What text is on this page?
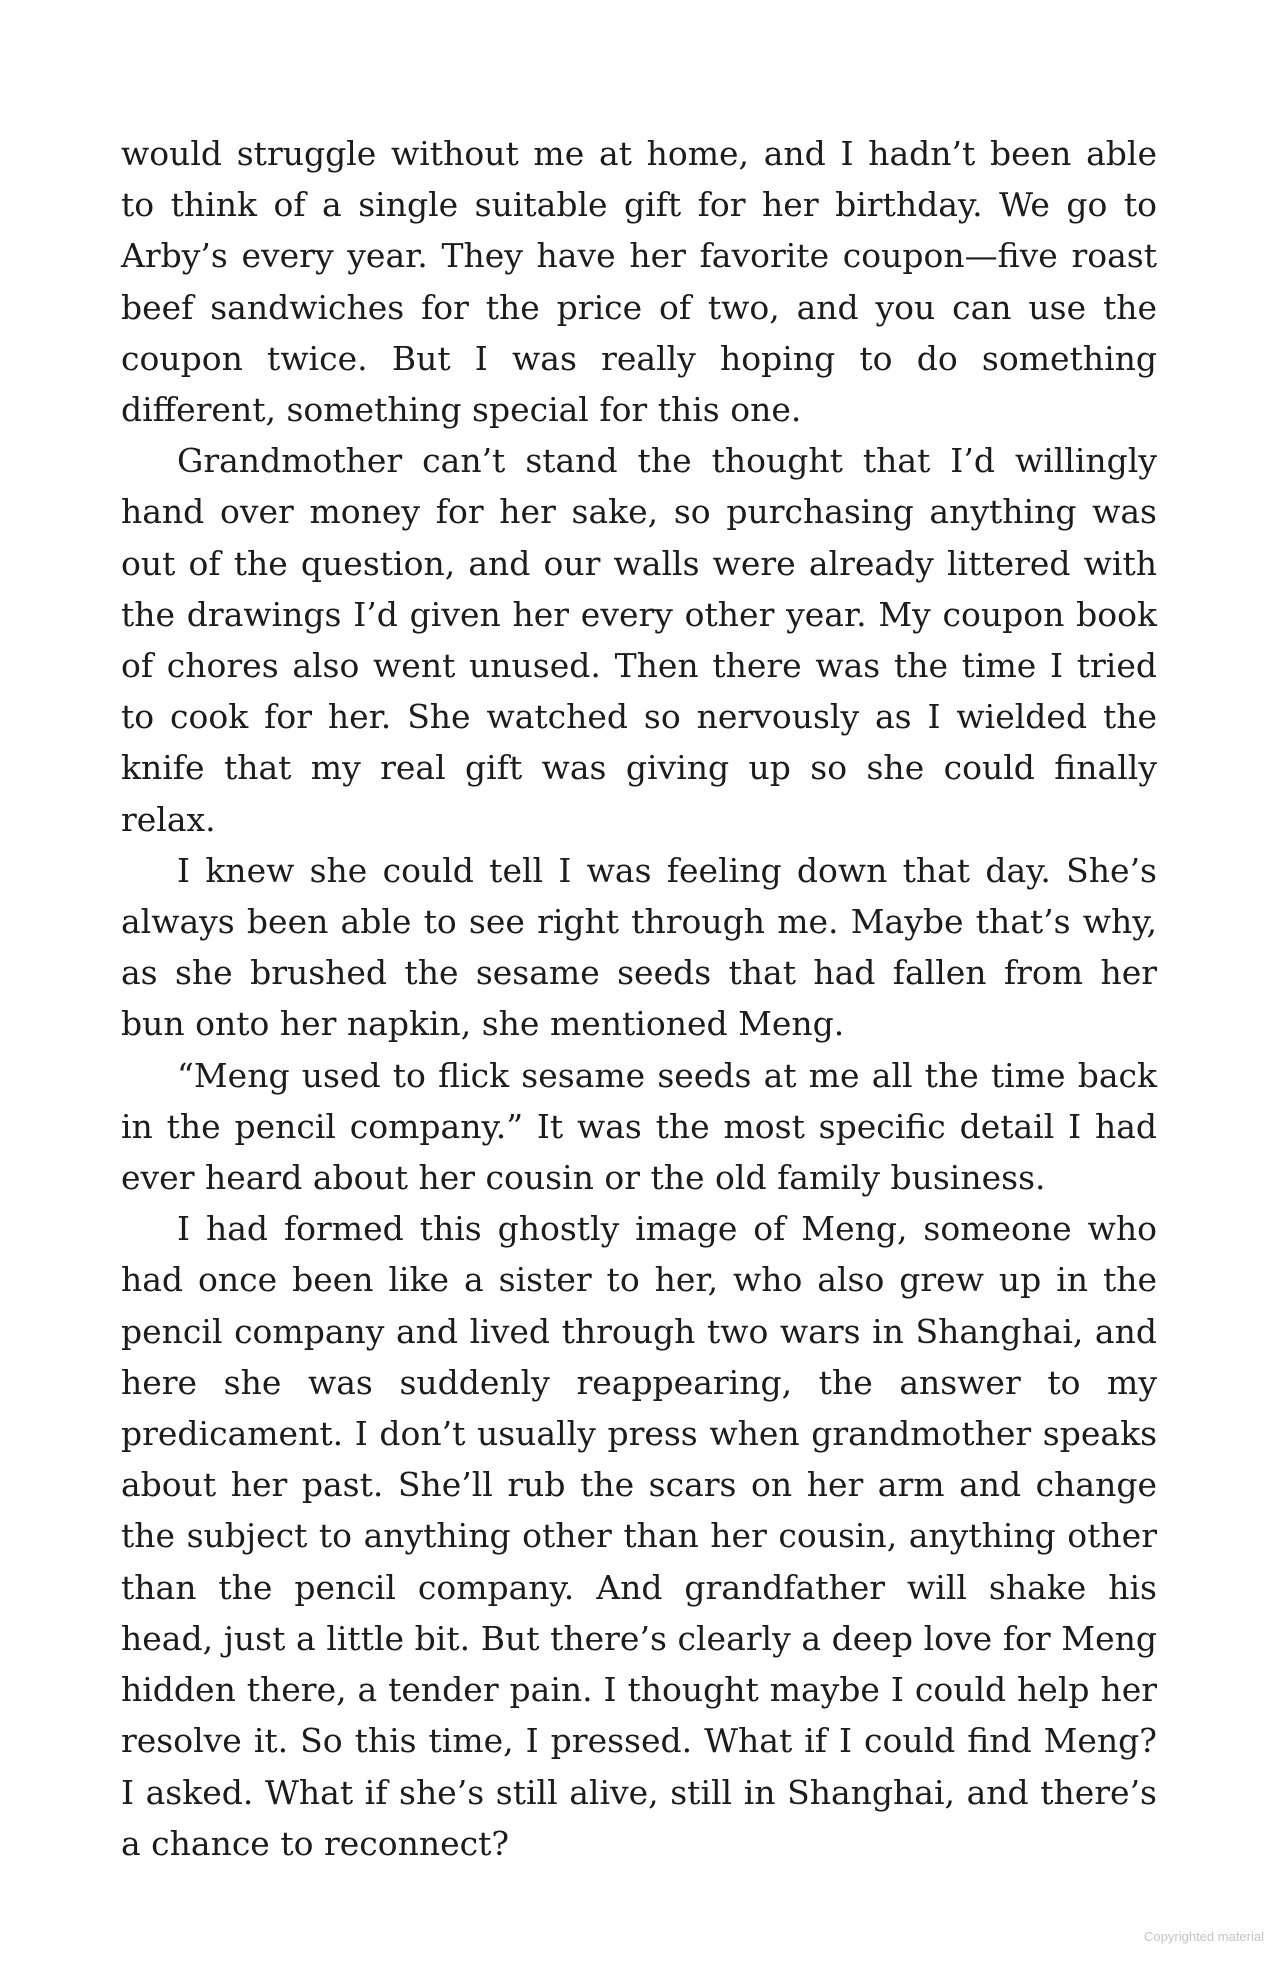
would struggle without me at home, and I hadn’t been able to think of a single suitable gift for her birthday. We go to Arby’s every year. They have her favorite coupon—five roast beef sandwiches for the price of two, and you can use the coupon twice. But I was really hoping to do something different, something special for this one.

Grandmother can’t stand the thought that I’d willingly hand over money for her sake, so purchasing anything was out of the question, and our walls were already littered with the drawings I’d given her every other year. My coupon book of chores also went unused. Then there was the time I tried to cook for her. She watched so nervously as I wielded the knife that my real gift was giving up so she could finally relax.

I knew she could tell I was feeling down that day. She’s always been able to see right through me. Maybe that’s why, as she brushed the sesame seeds that had fallen from her bun onto her napkin, she mentioned Meng.

“Meng used to flick sesame seeds at me all the time back in the pencil company.” It was the most specific detail I had ever heard about her cousin or the old family business.

I had formed this ghostly image of Meng, someone who had once been like a sister to her, who also grew up in the pencil company and lived through two wars in Shanghai, and here she was suddenly reappearing, the answer to my predicament. I don’t usually press when grandmother speaks about her past. She’ll rub the scars on her arm and change the subject to anything other than her cousin, anything other than the pencil company. And grandfather will shake his head, just a little bit. But there’s clearly a deep love for Meng hidden there, a tender pain. I thought maybe I could help her resolve it. So this time, I pressed. What if I could find Meng? I asked. What if she’s still alive, still in Shanghai, and there’s a chance to reconnect?

Copyrighted material
